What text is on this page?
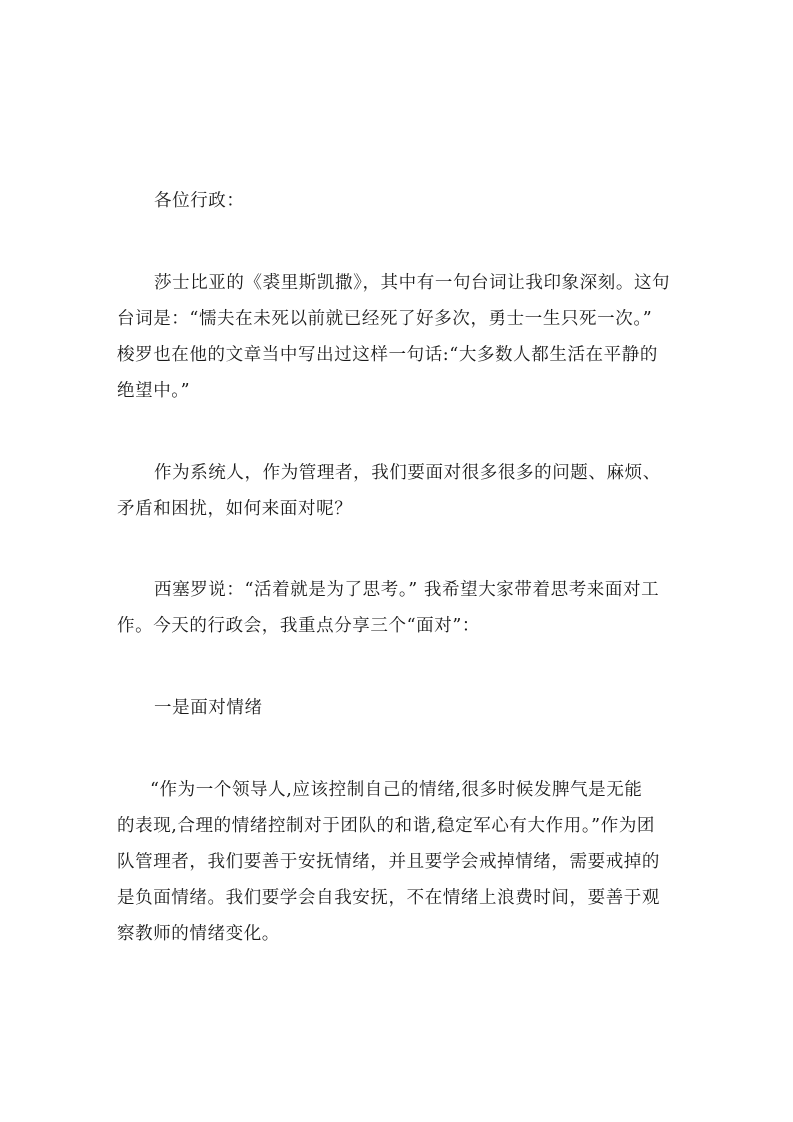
各位行政：
莎士比亚的《裘里斯凯撒》，其中有一句台词让我印象深刻。这句
台词是：“懦夫在未死以前就已经死了好多次，勇士一生只死一次。”
梭罗也在他的文章当中写出过这样一句话:“大多数人都生活在平静的
绝望中。”
作为系统人，作为管理者，我们要面对很多很多的问题、麻烦、
矛盾和困扰，如何来面对呢？
西塞罗说：“活着就是为了思考。” 我希望大家带着思考来面对工
作。今天的行政会，我重点分享三个“面对”：
一是面对情绪
“作为一个领导人,应该控制自己的情绪,很多时候发脾气是无能
的表现,合理的情绪控制对于团队的和谐,稳定军心有大作用。”作为团
队管理者，我们要善于安抚情绪，并且要学会戒掉情绪，需要戒掉的
是负面情绪。我们要学会自我安抚，不在情绪上浪费时间，要善于观
察教师的情绪变化。
